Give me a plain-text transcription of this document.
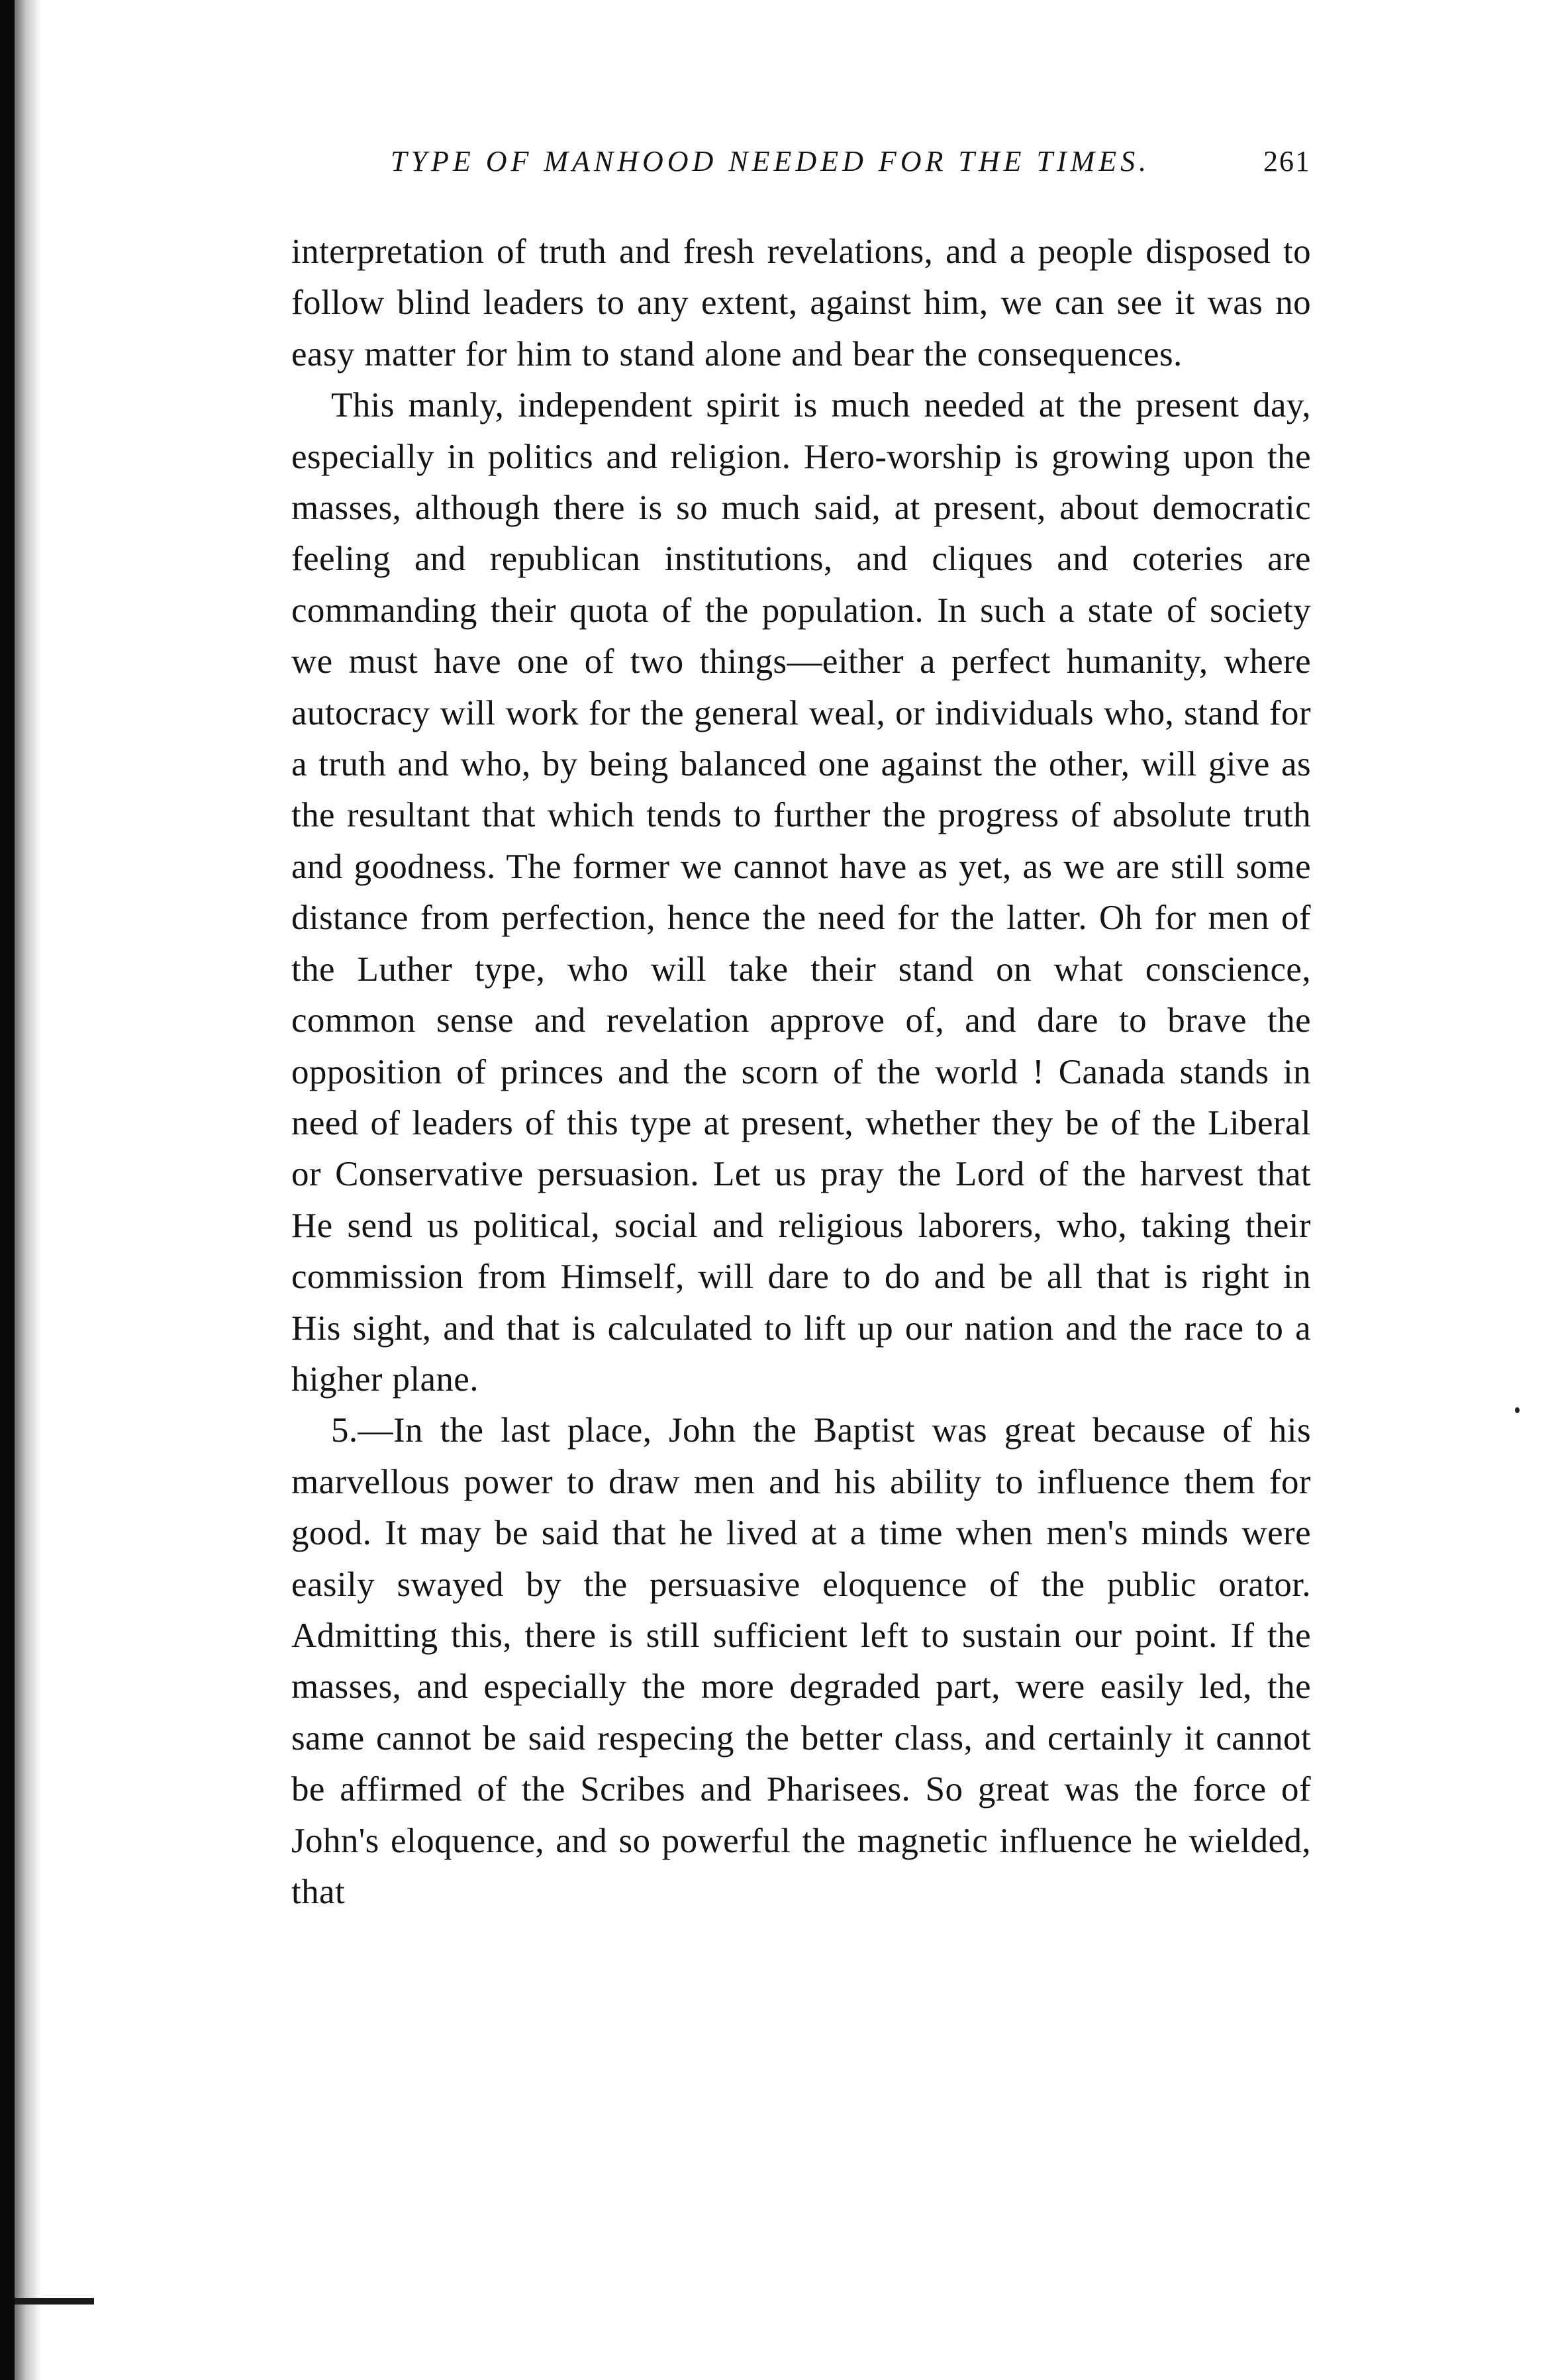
TYPE OF MANHOOD NEEDED FOR THE TIMES.	261

interpretation of truth and fresh revelations, and a people disposed to follow blind leaders to any extent, against him, we can see it was no easy matter for him to stand alone and bear the consequences.

This manly, independent spirit is much needed at the present day, especially in politics and religion. Hero-worship is growing upon the masses, although there is so much said, at present, about democratic feeling and republican institutions, and cliques and coteries are commanding their quota of the population. In such a state of society we must have one of two things—either a perfect humanity, where autocracy will work for the general weal, or individuals who, stand for a truth and who, by being balanced one against the other, will give as the resultant that which tends to further the progress of absolute truth and goodness. The former we cannot have as yet, as we are still some distance from perfection, hence the need for the latter. Oh for men of the Luther type, who will take their stand on what conscience, common sense and revelation approve of, and dare to brave the opposition of princes and the scorn of the world ! Canada stands in need of leaders of this type at present, whether they be of the Liberal or Conservative persuasion. Let us pray the Lord of the harvest that He send us political, social and religious laborers, who, taking their commission from Himself, will dare to do and be all that is right in His sight, and that is calculated to lift up our nation and the race to a higher plane.

5.—In the last place, John the Baptist was great because of his marvellous power to draw men and his ability to influence them for good. It may be said that he lived at a time when men's minds were easily swayed by the persuasive eloquence of the public orator. Admitting this, there is still sufficient left to sustain our point. If the masses, and especially the more degraded part, were easily led, the same cannot be said respecing the better class, and certainly it cannot be affirmed of the Scribes and Pharisees. So great was the force of John's eloquence, and so powerful the magnetic influence he wielded, that
